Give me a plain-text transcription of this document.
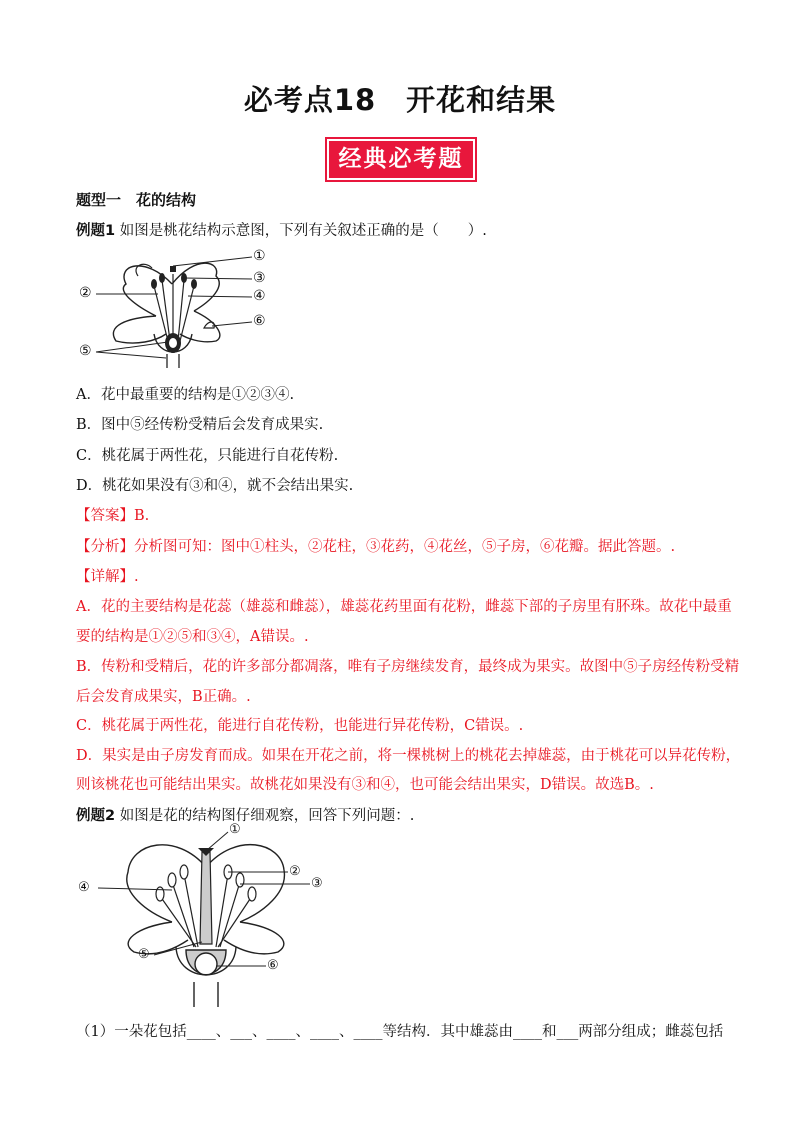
必考点18　开花和结果
经典必考题
题型一　花的结构
例题1 如图是桃花结构示意图，下列有关叙述正确的是（　　）.
①
②
③
④
⑤
⑥
A．花中最重要的结构是①②③④.
B．图中⑤经传粉受精后会发育成果实.
C．桃花属于两性花，只能进行自花传粉.
D．桃花如果没有③和④，就不会结出果实.
【答案】B.
【分析】分析图可知：图中①柱头，②花柱，③花药，④花丝，⑤子房，⑥花瓣。据此答题。.
【详解】.
A．花的主要结构是花蕊（雄蕊和雌蕊），雄蕊花药里面有花粉，雌蕊下部的子房里有肧珠。故花中最重
要的结构是①②⑤和③④，A错误。.
B．传粉和受精后，花的许多部分都凋落，唯有子房继续发育，最终成为果实。故图中⑤子房经传粉受精
后会发育成果实，B正确。.
C．桃花属于两性花，能进行自花传粉，也能进行异花传粉，C错误。.
D．果实是由子房发育而成。如果在开花之前，将一棵桃树上的桃花去掉雄蕊，由于桃花可以异花传粉，
则该桃花也可能结出果实。故桃花如果没有③和④，也可能会结出果实，D错误。故选B。.
例题2 如图是花的结构图仔细观察，回答下列问题：.
①
②
③
④
⑤
⑥
（1）一朵花包括____、___、____、____、____等结构．其中雄蕊由____和___两部分组成；雌蕊包括
